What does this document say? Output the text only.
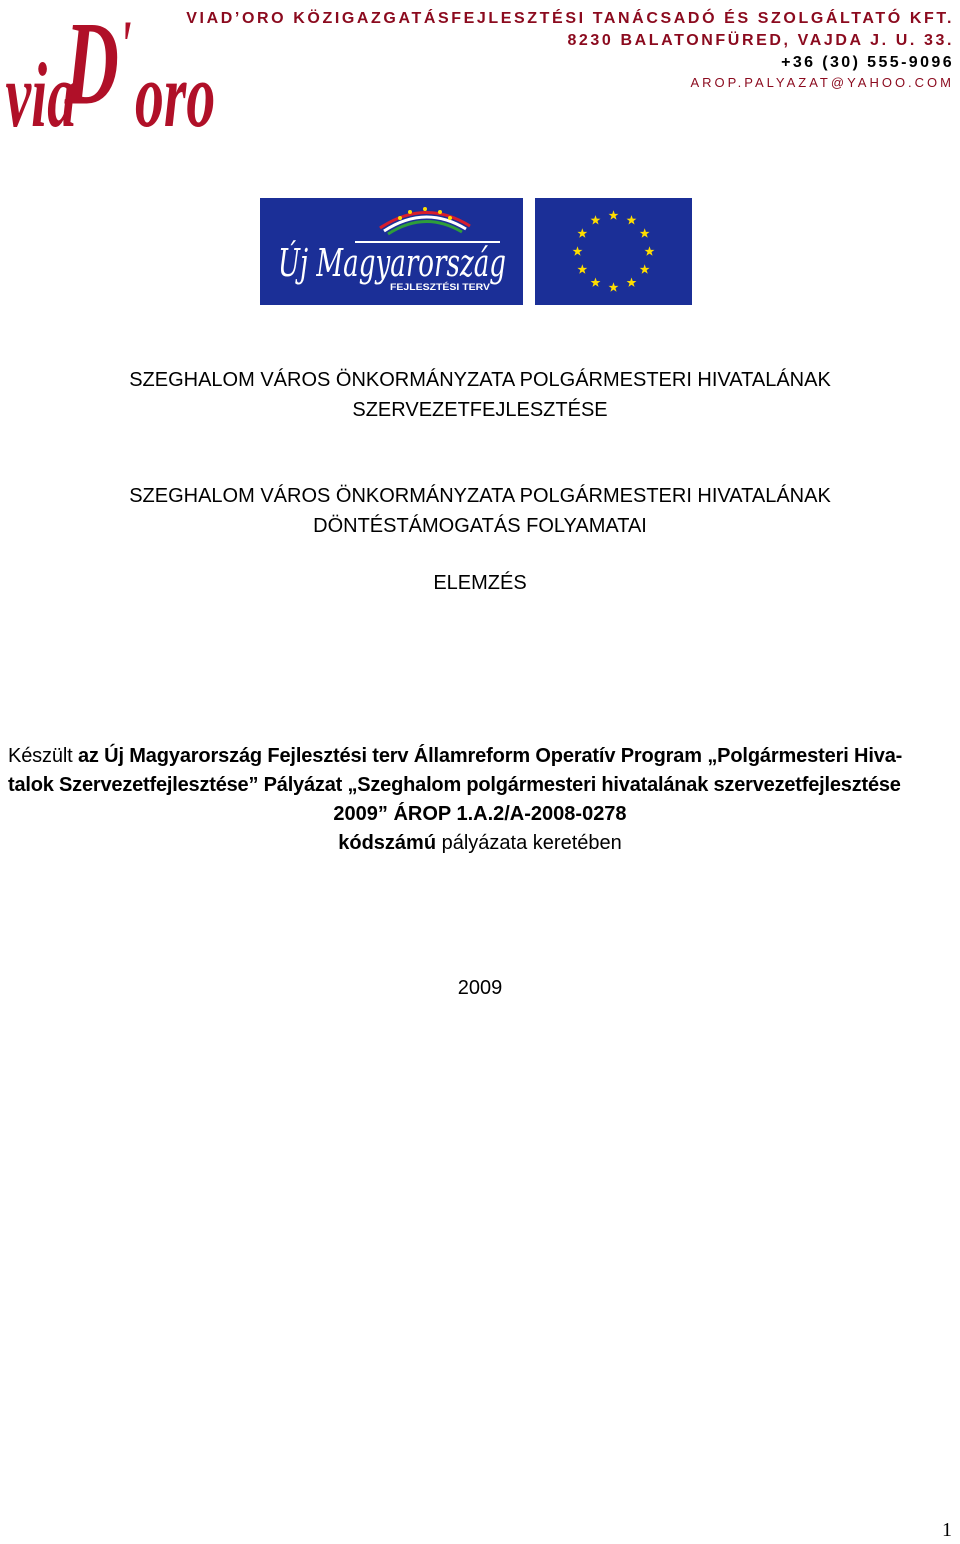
via
D ' oro
VIAD’ORO KÖZIGAZGATÁSFEJLESZTÉSI TANÁCSADÓ ÉS SZOLGÁLTATÓ KFT.
8230 BALATONFÜRED, VAJDA J. U. 33.
+36 (30) 555-9096
AROP.PALYAZAT@YAHOO.COM
Új Magyarország
FEJLESZTÉSI TERV
SZEGHALOM VÁROS ÖNKORMÁNYZATA POLGÁRMESTERI HIVATALÁNAK
SZERVEZETFEJLESZTÉSE
SZEGHALOM VÁROS ÖNKORMÁNYZATA POLGÁRMESTERI HIVATALÁNAK
DÖNTÉSTÁMOGATÁS FOLYAMATAI
ELEMZÉS
Készült az Új Magyarország Fejlesztési terv Államreform Operatív Program „Polgármesteri Hiva-
talok Szervezetfejlesztése” Pályázat „Szeghalom polgármesteri hivatalának szervezetfejlesztése
2009” ÁROP 1.A.2/A-2008-0278
kódszámú pályázata keretében
2009
1
